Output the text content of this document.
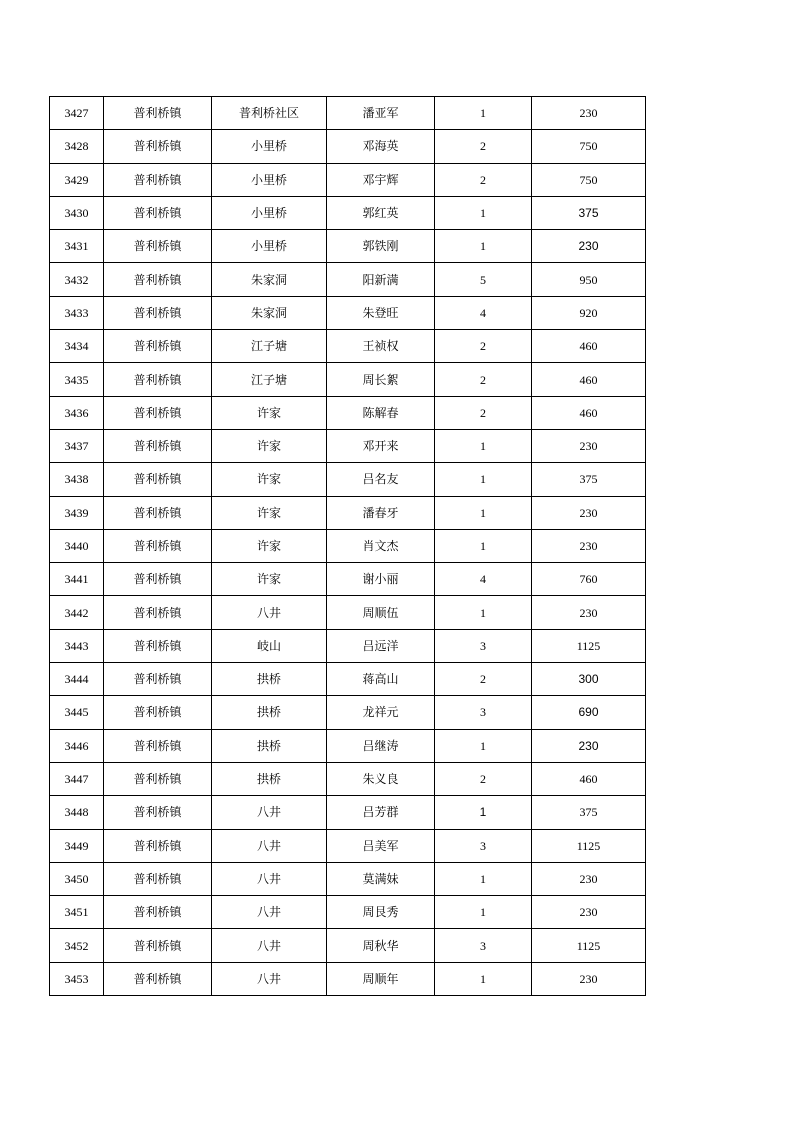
3427	普利桥镇	普利桥社区	潘亚军	1	230
3428	普利桥镇	小里桥	邓海英	2	750
3429	普利桥镇	小里桥	邓宇辉	2	750
3430	普利桥镇	小里桥	郭红英	1	375
3431	普利桥镇	小里桥	郭铁刚	1	230
3432	普利桥镇	朱家洞	阳新满	5	950
3433	普利桥镇	朱家洞	朱登旺	4	920
3434	普利桥镇	江子塘	王祯权	2	460
3435	普利桥镇	江子塘	周长絮	2	460
3436	普利桥镇	许家	陈解春	2	460
3437	普利桥镇	许家	邓开来	1	230
3438	普利桥镇	许家	吕名友	1	375
3439	普利桥镇	许家	潘春牙	1	230
3440	普利桥镇	许家	肖文杰	1	230
3441	普利桥镇	许家	谢小丽	4	760
3442	普利桥镇	八井	周顺伍	1	230
3443	普利桥镇	岐山	吕远洋	3	1125
3444	普利桥镇	拱桥	蒋高山	2	300
3445	普利桥镇	拱桥	龙祥元	3	690
3446	普利桥镇	拱桥	吕继涛	1	230
3447	普利桥镇	拱桥	朱义良	2	460
3448	普利桥镇	八井	吕芳群	1	375
3449	普利桥镇	八井	吕美军	3	1125
3450	普利桥镇	八井	莫满妹	1	230
3451	普利桥镇	八井	周艮秀	1	230
3452	普利桥镇	八井	周秋华	3	1125
3453	普利桥镇	八井	周顺年	1	230
